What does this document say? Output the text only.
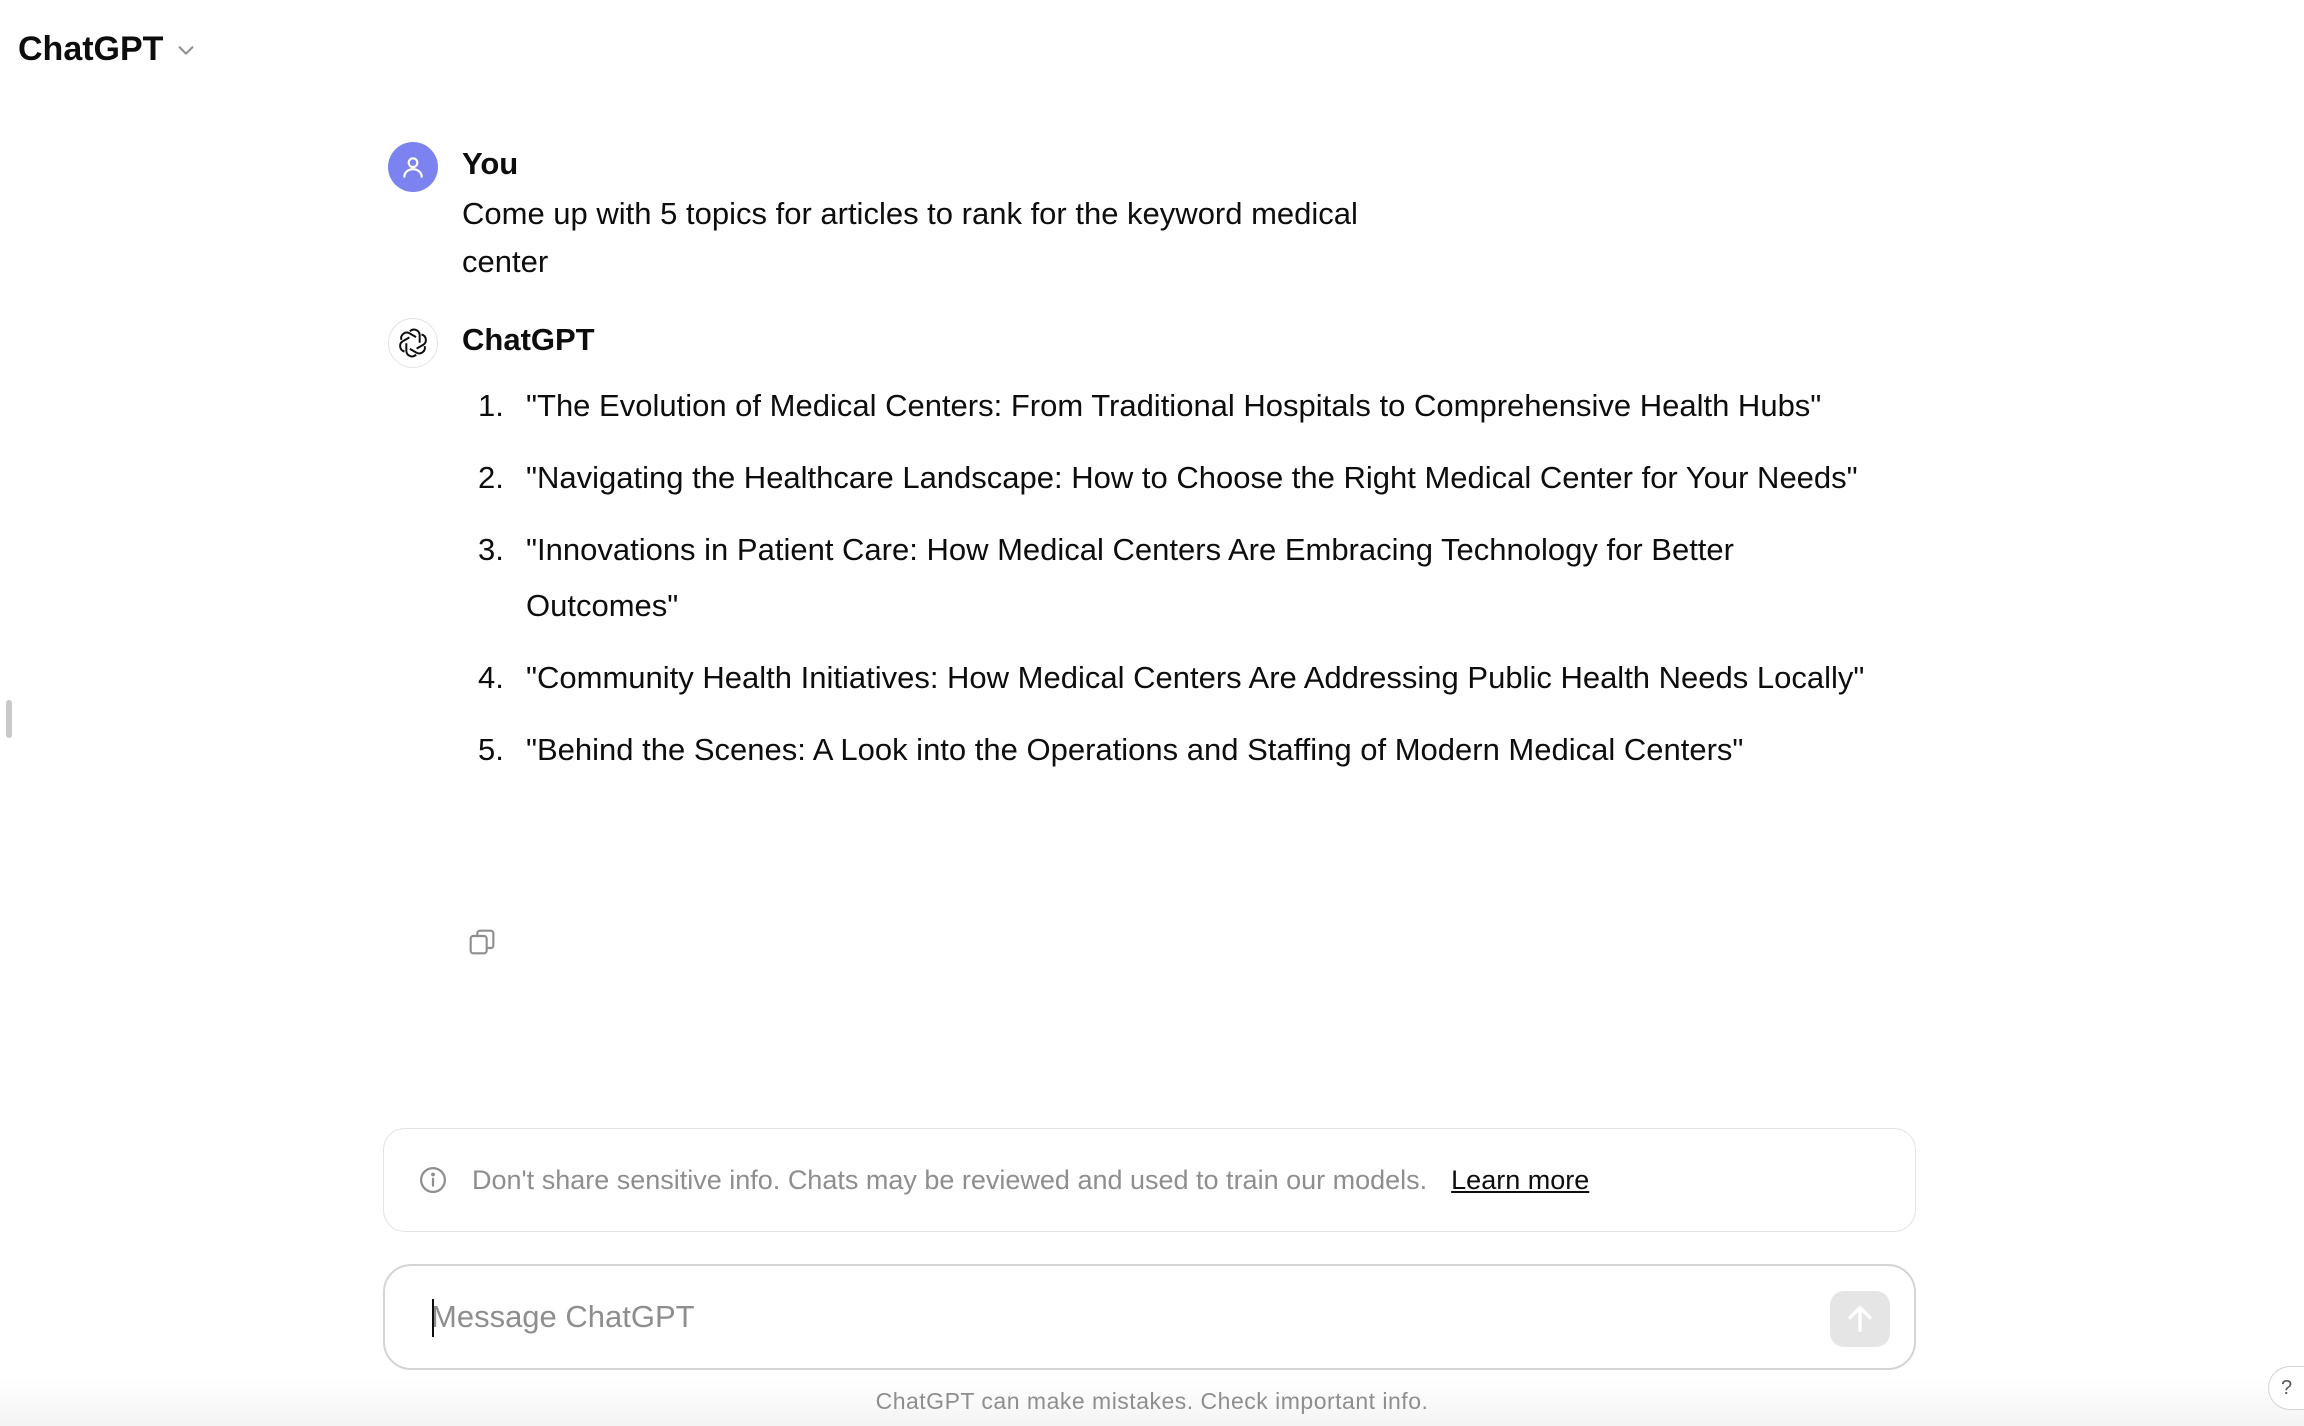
ChatGPT
You
Come up with 5 topics for articles to rank for the keyword medical center
ChatGPT
1. "The Evolution of Medical Centers: From Traditional Hospitals to Comprehensive Health Hubs"
2. "Navigating the Healthcare Landscape: How to Choose the Right Medical Center for Your Needs"
3. "Innovations in Patient Care: How Medical Centers Are Embracing Technology for Better Outcomes"
4. "Community Health Initiatives: How Medical Centers Are Addressing Public Health Needs Locally"
5. "Behind the Scenes: A Look into the Operations and Staffing of Modern Medical Centers"
Don't share sensitive info. Chats may be reviewed and used to train our models. Learn more
Message ChatGPT
ChatGPT can make mistakes. Check important info.
?
